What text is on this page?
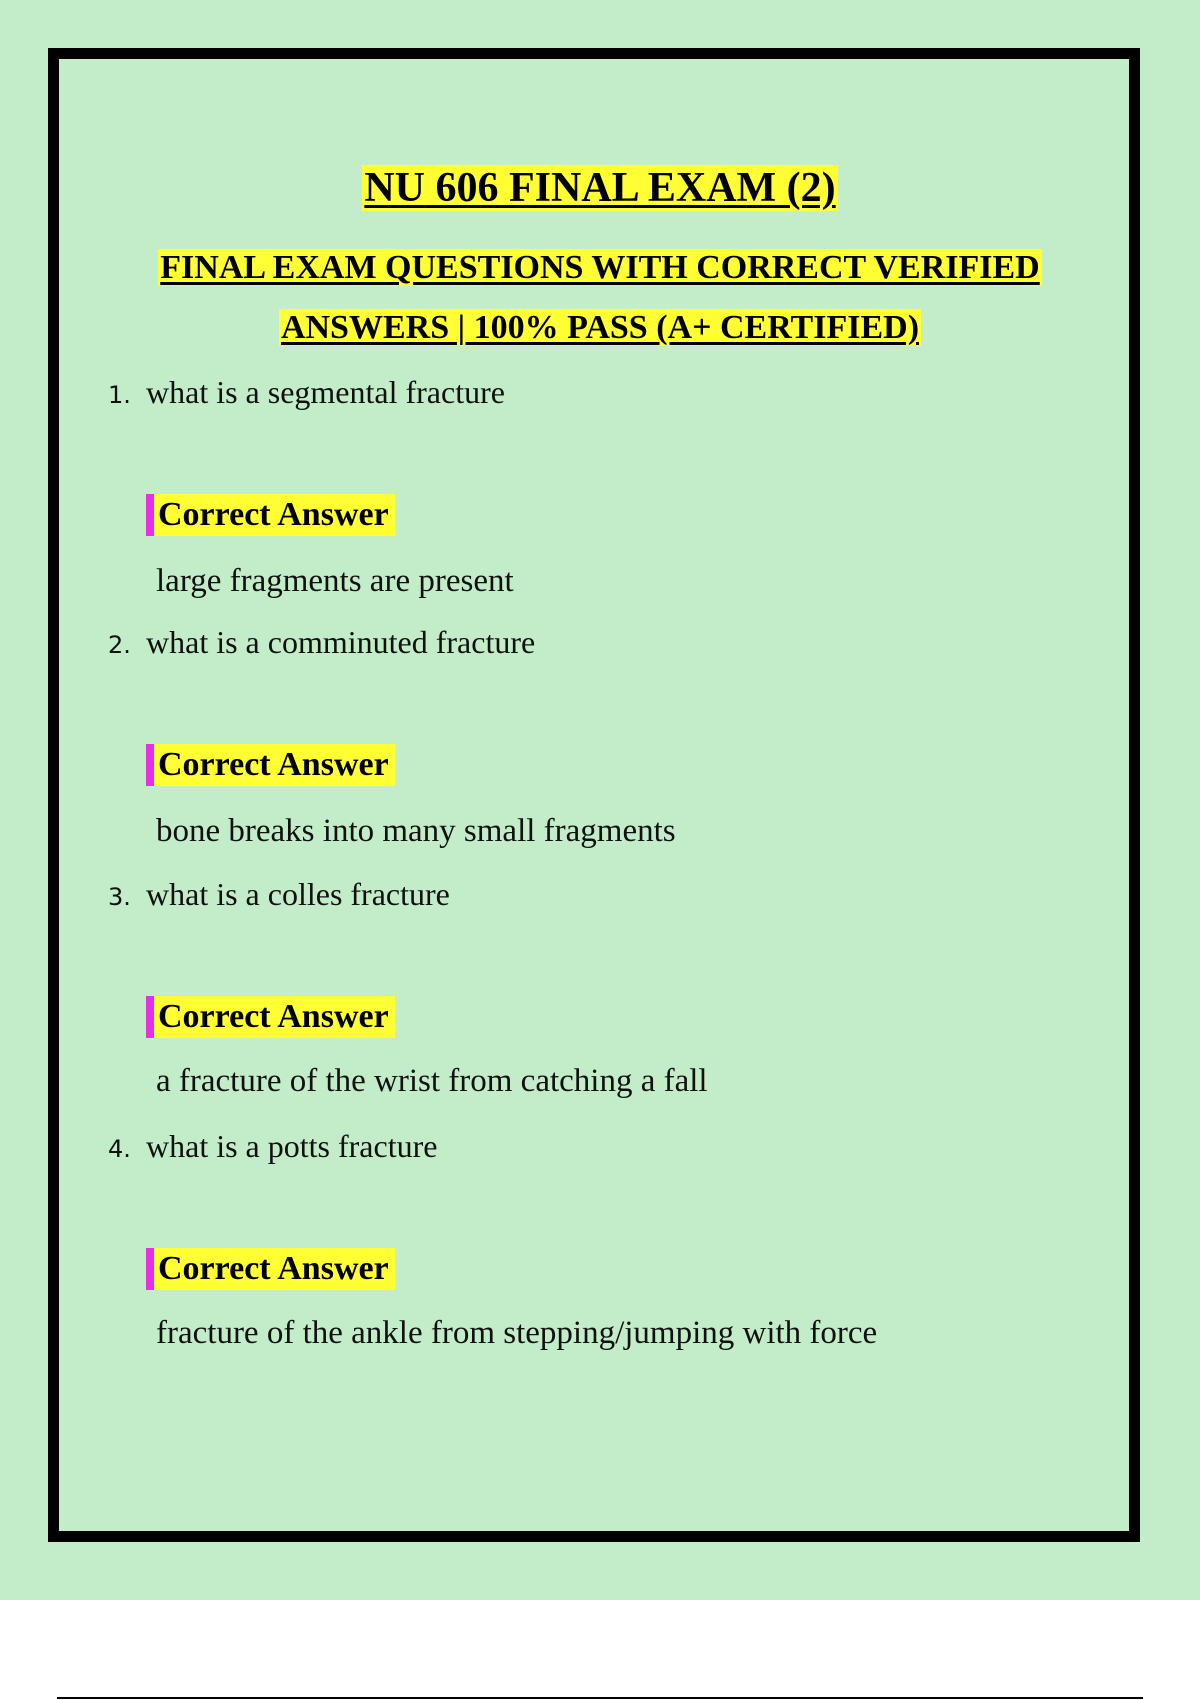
NU 606 FINAL EXAM (2)
FINAL EXAM QUESTIONS WITH CORRECT VERIFIED
ANSWERS | 100% PASS (A+ CERTIFIED)
1. what is a segmental fracture
Correct Answer
large fragments are present
2. what is a comminuted fracture
Correct Answer
bone breaks into many small fragments
3. what is a colles fracture
Correct Answer
a fracture of the wrist from catching a fall
4. what is a potts fracture
Correct Answer
fracture of the ankle from stepping/jumping with force
